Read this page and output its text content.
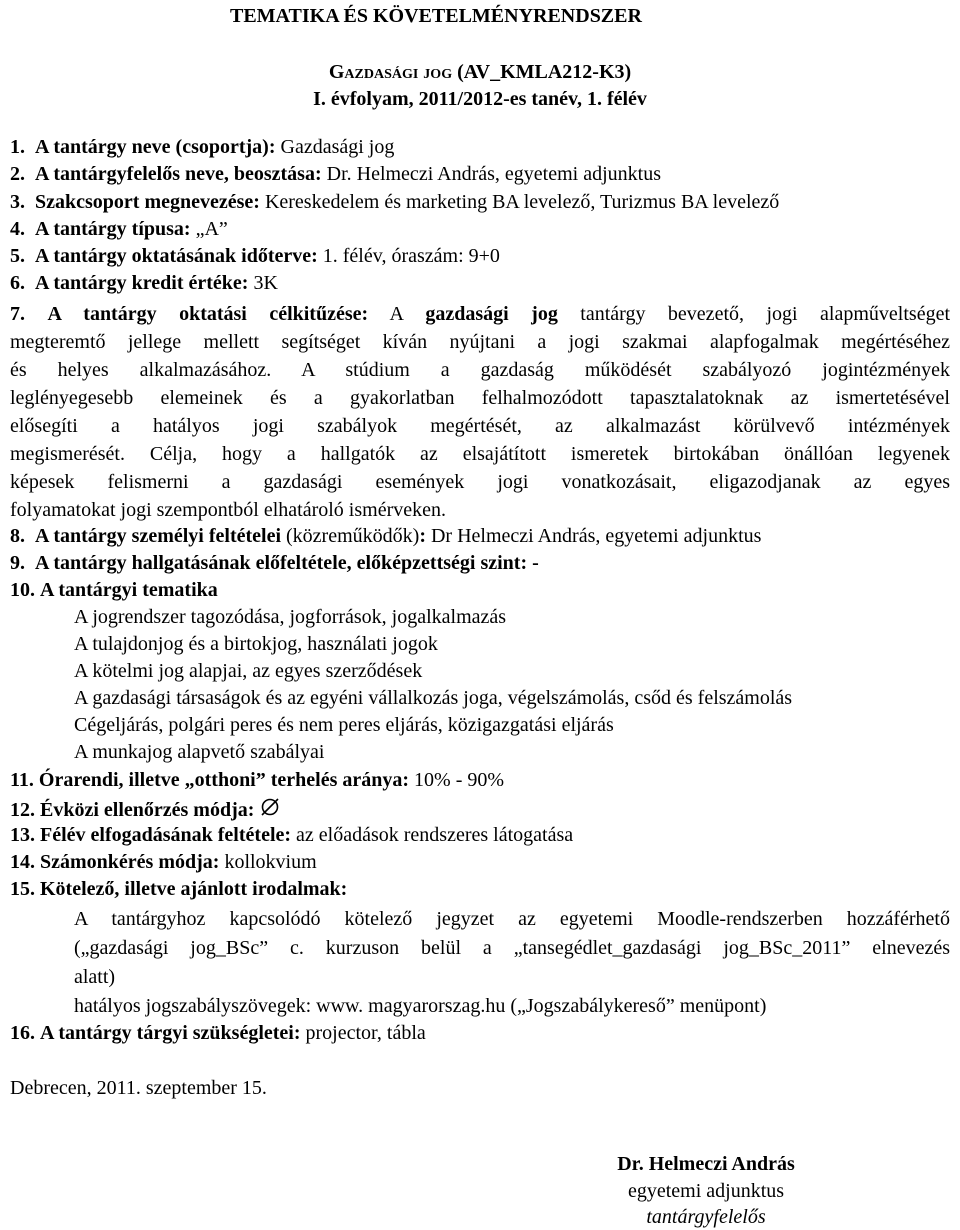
TEMATIKA ÉS KÖVETELMÉNYRENDSZER
Gazdasági jog (AV_KMLA212-K3)
I. évfolyam, 2011/2012-es tanév, 1. félév
1. A tantárgy neve (csoportja): Gazdasági jog
2. A tantárgyfelelős neve, beosztása: Dr. Helmeczi András, egyetemi adjunktus
3. Szakcsoport megnevezése: Kereskedelem és marketing BA levelező, Turizmus BA levelező
4. A tantárgy típusa: „A”
5. A tantárgy oktatásának időterve: 1. félév, óraszám: 9+0
6. A tantárgy kredit értéke: 3K
7. A tantárgy oktatási célkitűzése: A gazdasági jog tantárgy bevezető, jogi alapműveltséget
megteremtő jellege mellett segítséget kíván nyújtani a jogi szakmai alapfogalmak megértéséhez
és helyes alkalmazásához. A stúdium a gazdaság működését szabályozó jogintézmények
leglényegesebb elemeinek és a gyakorlatban felhalmozódott tapasztalatoknak az ismertetésével
elősegíti a hatályos jogi szabályok megértését, az alkalmazást körülvevő intézmények
megismerését. Célja, hogy a hallgatók az elsajátított ismeretek birtokában önállóan legyenek
képesek felismerni a gazdasági események jogi vonatkozásait, eligazodjanak az egyes
folyamatokat jogi szempontból elhatároló ismérveken.
8. A tantárgy személyi feltételei (közreműködők): Dr Helmeczi András, egyetemi adjunktus
9. A tantárgy hallgatásának előfeltétele, előképzettségi szint: -
10. A tantárgyi tematika
A jogrendszer tagozódása, jogforrások, jogalkalmazás
A tulajdonjog és a birtokjog, használati jogok
A kötelmi jog alapjai, az egyes szerződések
A gazdasági társaságok és az egyéni vállalkozás joga, végelszámolás, csőd és felszámolás
Cégeljárás, polgári peres és nem peres eljárás, közigazgatási eljárás
A munkajog alapvető szabályai
11. Órarendi, illetve „otthoni” terhelés aránya: 10% - 90%
12. Évközi ellenőrzés módja:
13. Félév elfogadásának feltétele: az előadások rendszeres látogatása
14. Számonkérés módja: kollokvium
15. Kötelező, illetve ajánlott irodalmak:
A tantárgyhoz kapcsolódó kötelező jegyzet az egyetemi Moodle-rendszerben hozzáférhető
(„gazdasági jog_BSc” c. kurzuson belül a „tansegédlet_gazdasági jog_BSc_2011” elnevezés
alatt)
hatályos jogszabályszövegek: www. magyarorszag.hu („Jogszabálykereső” menüpont)
16. A tantárgy tárgyi szükségletei: projector, tábla
Debrecen, 2011. szeptember 15.
Dr. Helmeczi András
egyetemi adjunktus
tantárgyfelelős
